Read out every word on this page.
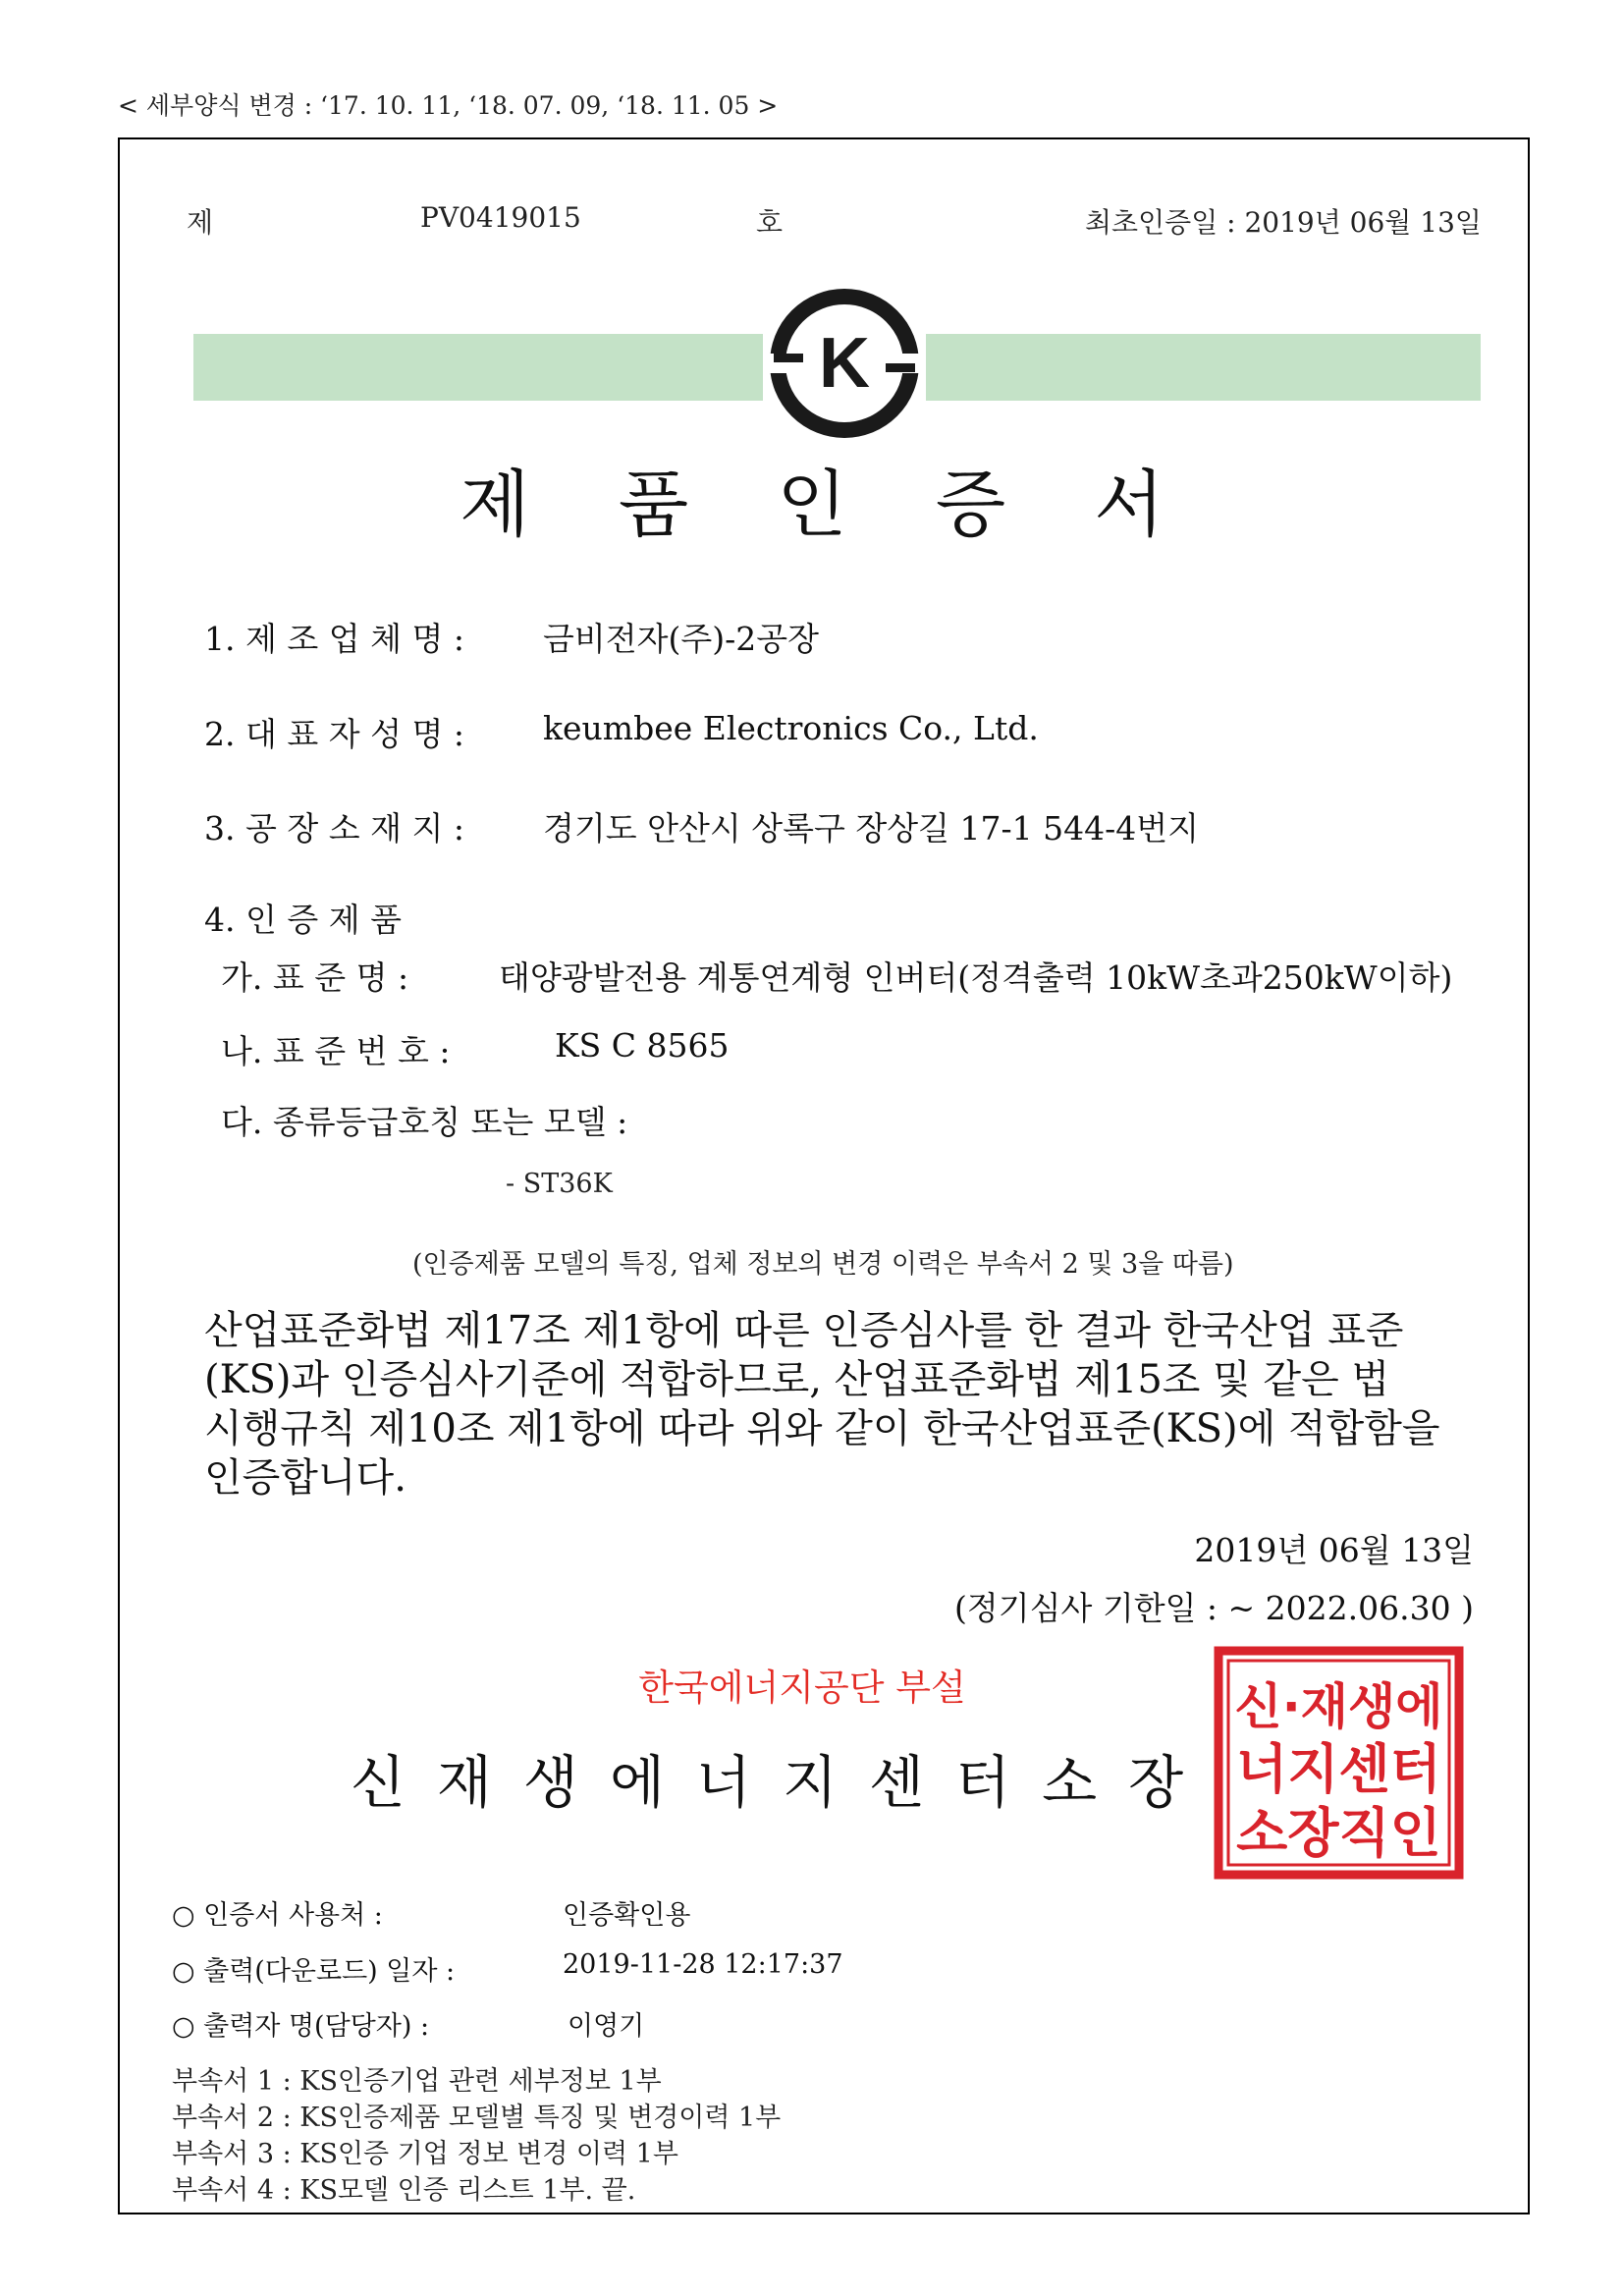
< 세부양식 변경 : ‘17. 10. 11, ‘18. 07. 09, ‘18. 11. 05 >
제	PV0419015	호	최초인증일 : 2019년 06월 13일
K
제품인증서
1. 제 조 업 체 명 : 금비전자(주)-2공장
2. 대 표 자 성 명 : keumbee Electronics Co., Ltd.
3. 공 장 소 재 지 : 경기도 안산시 상록구 장상길 17-1 544-4번지
4. 인 증 제 품
가. 표 준 명 :	태양광발전용 계통연계형 인버터(정격출력 10kW초과250kW이하)
나. 표 준 번 호 :	KS C 8565
다. 종류등급호칭 또는 모델 :
- ST36K
(인증제품 모델의 특징, 업체 정보의 변경 이력은 부속서 2 및 3을 따름)
산업표준화법 제17조 제1항에 따른 인증심사를 한 결과 한국산업 표준
(KS)과 인증심사기준에 적합하므로, 산업표준화법 제15조 및 같은 법
시행규칙 제10조 제1항에 따라 위와 같이 한국산업표준(KS)에 적합함을
인증합니다.
2019년 06월 13일
(정기심사 기한일 : ~ 2022.06.30 )
한국에너지공단 부설
신재생에너지센터소장
신·재생에
너지센터
소장직인
○ 인증서 사용처 :	인증확인용
○ 출력(다운로드) 일자 :	2019-11-28 12:17:37
○ 출력자 명(담당자) :	이영기
부속서 1 : KS인증기업 관련 세부정보 1부
부속서 2 : KS인증제품 모델별 특징 및 변경이력 1부
부속서 3 : KS인증 기업 정보 변경 이력 1부
부속서 4 : KS모델 인증 리스트 1부. 끝.
